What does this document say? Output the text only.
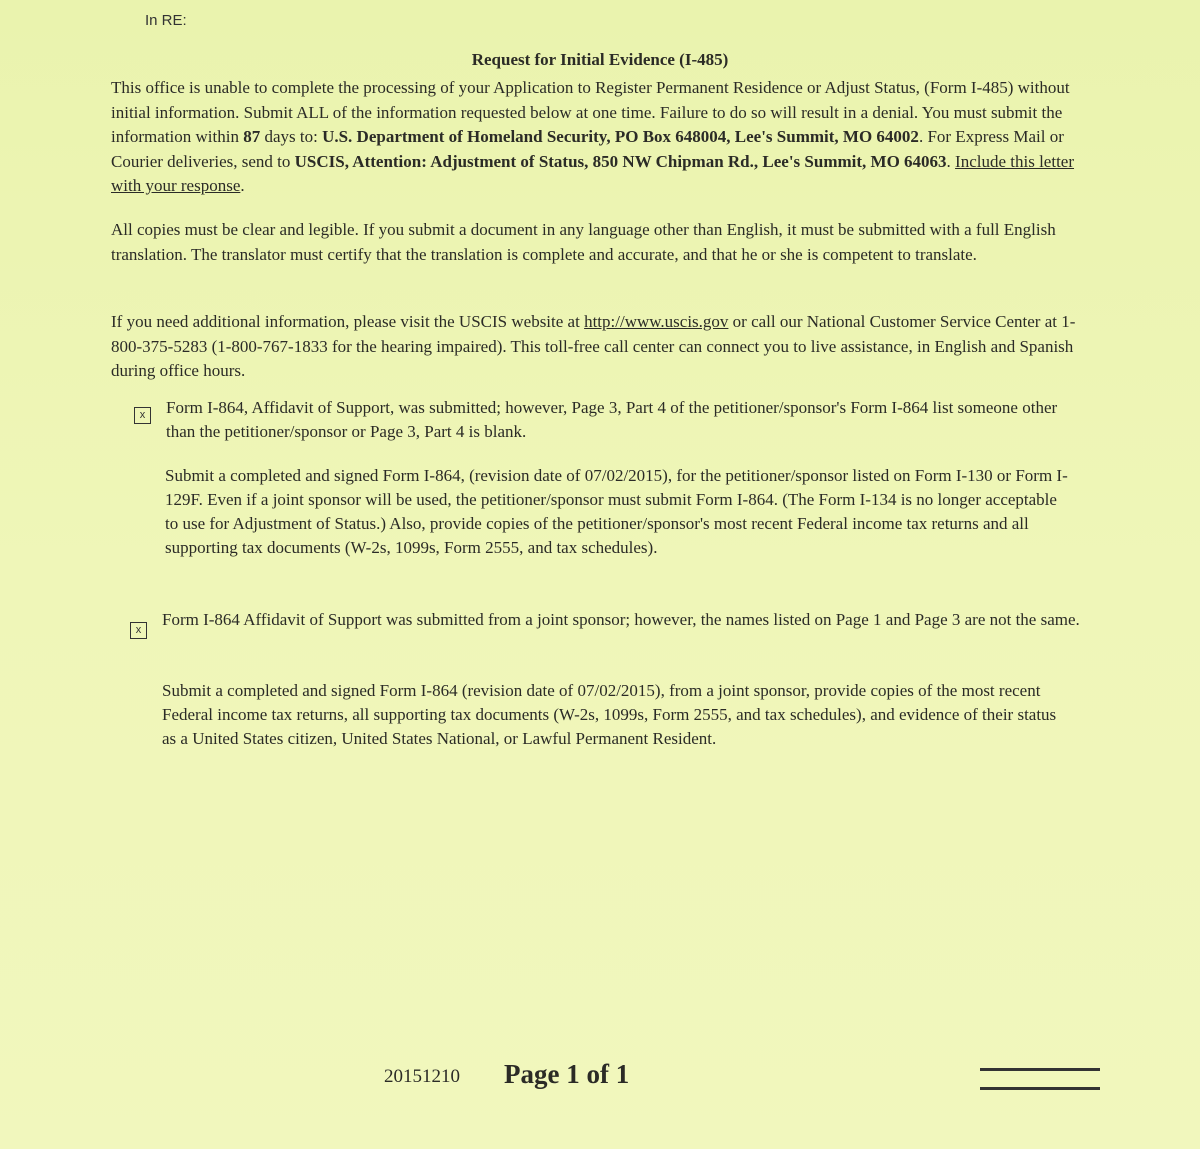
In RE:
Request for Initial Evidence (I-485)
This office is unable to complete the processing of your Application to Register Permanent Residence or Adjust Status, (Form I-485) without initial information. Submit ALL of the information requested below at one time. Failure to do so will result in a denial. You must submit the information within 87 days to: U.S. Department of Homeland Security, PO Box 648004, Lee's Summit, MO 64002. For Express Mail or Courier deliveries, send to USCIS, Attention: Adjustment of Status, 850 NW Chipman Rd., Lee's Summit, MO 64063. Include this letter with your response.
All copies must be clear and legible. If you submit a document in any language other than English, it must be submitted with a full English translation. The translator must certify that the translation is complete and accurate, and that he or she is competent to translate.
If you need additional information, please visit the USCIS website at http://www.uscis.gov or call our National Customer Service Center at 1-800-375-5283 (1-800-767-1833 for the hearing impaired). This toll-free call center can connect you to live assistance, in English and Spanish during office hours.
x	Form I-864, Affidavit of Support, was submitted; however, Page 3, Part 4 of the petitioner/sponsor's Form I-864 list someone other than the petitioner/sponsor or Page 3, Part 4 is blank.
Submit a completed and signed Form I-864, (revision date of 07/02/2015), for the petitioner/sponsor listed on Form I-130 or Form I-129F. Even if a joint sponsor will be used, the petitioner/sponsor must submit Form I-864. (The Form I-134 is no longer acceptable to use for Adjustment of Status.) Also, provide copies of the petitioner/sponsor's most recent Federal income tax returns and all supporting tax documents (W-2s, 1099s, Form 2555, and tax schedules).
x
Form I-864 Affidavit of Support was submitted from a joint sponsor; however, the names listed on Page 1 and Page 3 are not the same.
Submit a completed and signed Form I-864 (revision date of 07/02/2015), from a joint sponsor, provide copies of the most recent Federal income tax returns, all supporting tax documents (W-2s, 1099s, Form 2555, and tax schedules), and evidence of their status as a United States citizen, United States National, or Lawful Permanent Resident.
20151210 Page 1 of 1
